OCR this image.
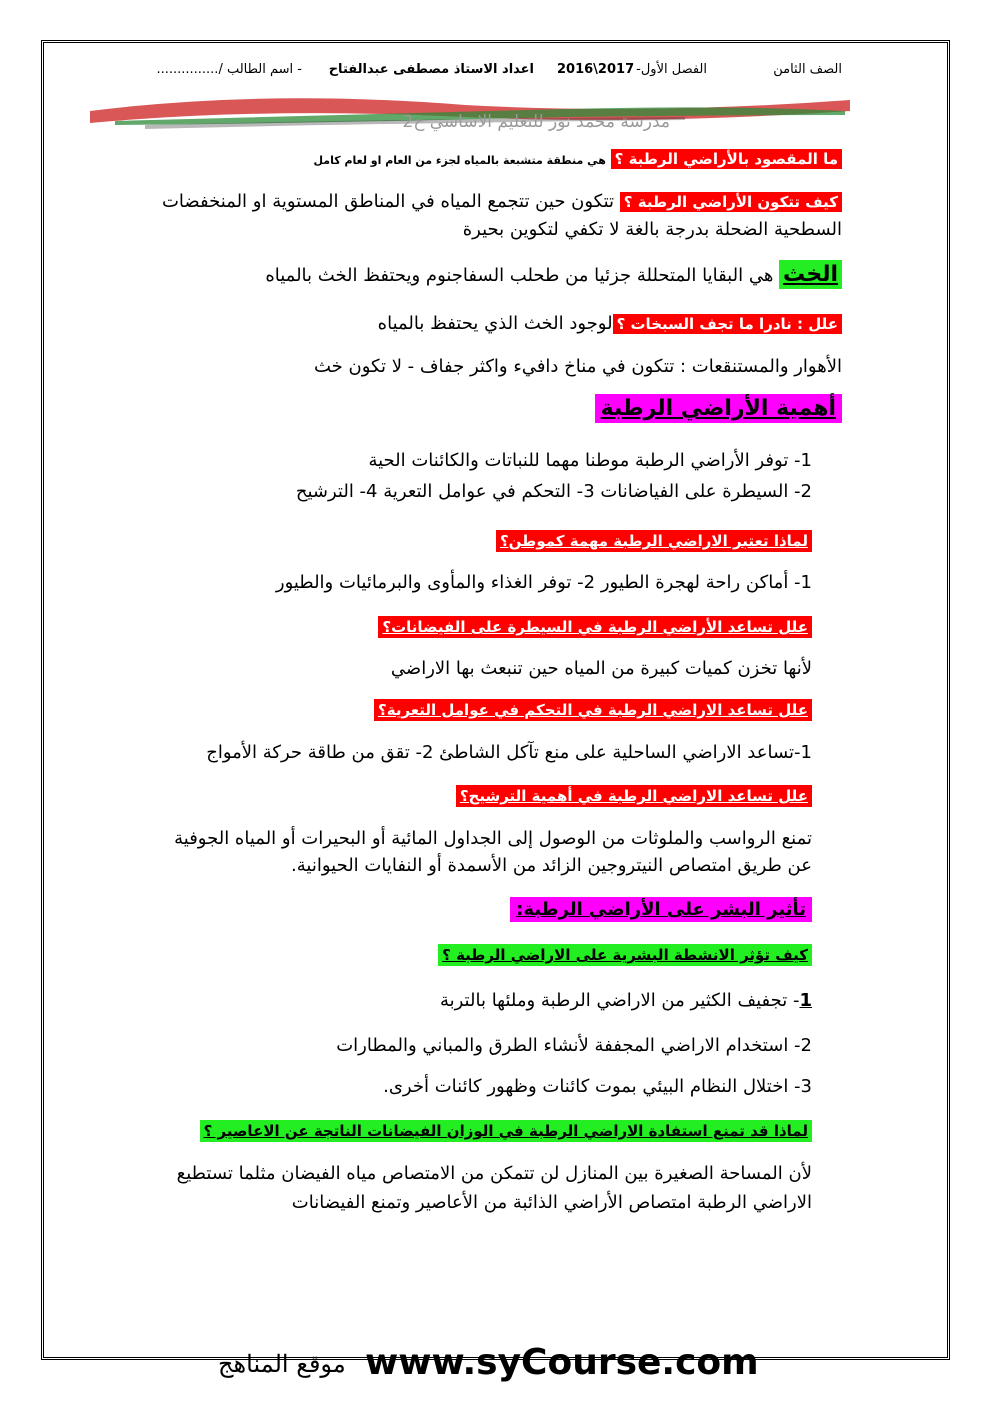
الصف الثامن
الفصل الأول-
2016\2017
اعداد الاستاذ مصطفى عبدالفتاح
- اسم الطالب /...............
مدرسة محمد نور للتعليم الاساسي ح2
ما المقصود بالأراضي الرطبة ؟ هي منطقة متشبعة بالمياه لجزء من العام او لعام كامل
كيف تتكون الأراضي الرطبة ؟ تتكون حين تتجمع المياه في المناطق المستوية او المنخفضات
السطحية الضحلة بدرجة بالغة لا تكفي لتكوين بحيرة
الخث هي البقايا المتحللة جزئيا من طحلب السفاجنوم ويحتفظ الخث بالمياه
علل : نادرا ما تجف السبخات ؟لوجود الخث الذي يحتفظ بالمياه
الأهوار والمستنقعات : تتكون في مناخ دافيء واكثر جفاف - لا تكون خث
أهمية الأراضي الرطبة
1- توفر الأراضي الرطبة موطنا مهما للنباتات والكائنات الحية
2- السيطرة على الفياضانات 3- التحكم في عوامل التعرية 4- الترشيح
لماذا تعتبر الاراضي الرطبة مهمة كموطن؟
1- أماكن راحة لهجرة الطيور 2- توفر الغذاء والمأوى والبرمائيات والطيور
علل تساعد الأراضي الرطبة في السيطرة على الفيضانات؟
لأنها تخزن كميات كبيرة من المياه حين تنبعث بها الاراضي
علل تساعد الاراضي الرطبة في التحكم في عوامل التعرية؟
1-تساعد الاراضي الساحلية على منع تآكل الشاطئ 2- تقق من طاقة حركة الأمواج
علل تساعد الاراضي الرطبة في أهمية الترشيح؟
تمنع الرواسب والملوثات من الوصول إلى الجداول المائية أو البحيرات أو المياه الجوفية
عن طريق امتصاص النيتروجين الزائد من الأسمدة أو النفايات الحيوانية.
تأثير البشر على الأراضي الرطبة:
كيف تؤثر الانشطة البشرية على الاراضي الرطبة ؟
1- تجفيف الكثير من الاراضي الرطبة وملئها بالتربة
2- استخدام الاراضي المجففة لأنشاء الطرق والمباني والمطارات
3- اختلال النظام البيئي بموت كائنات وظهور كائنات أخرى.
لماذا قد تمنع استفادة الاراضي الرطبة في الوزان الفيضانات الناتجة عن الاعاصير ؟
لأن المساحة الصغيرة بين المنازل لن تتمكن من الامتصاص مياه الفيضان مثلما تستطيع
الاراضي الرطبة امتصاص الأراضي الذائبة من الأعاصير وتمنع الفيضانات
www.syCourse.com
موقع المناهج
